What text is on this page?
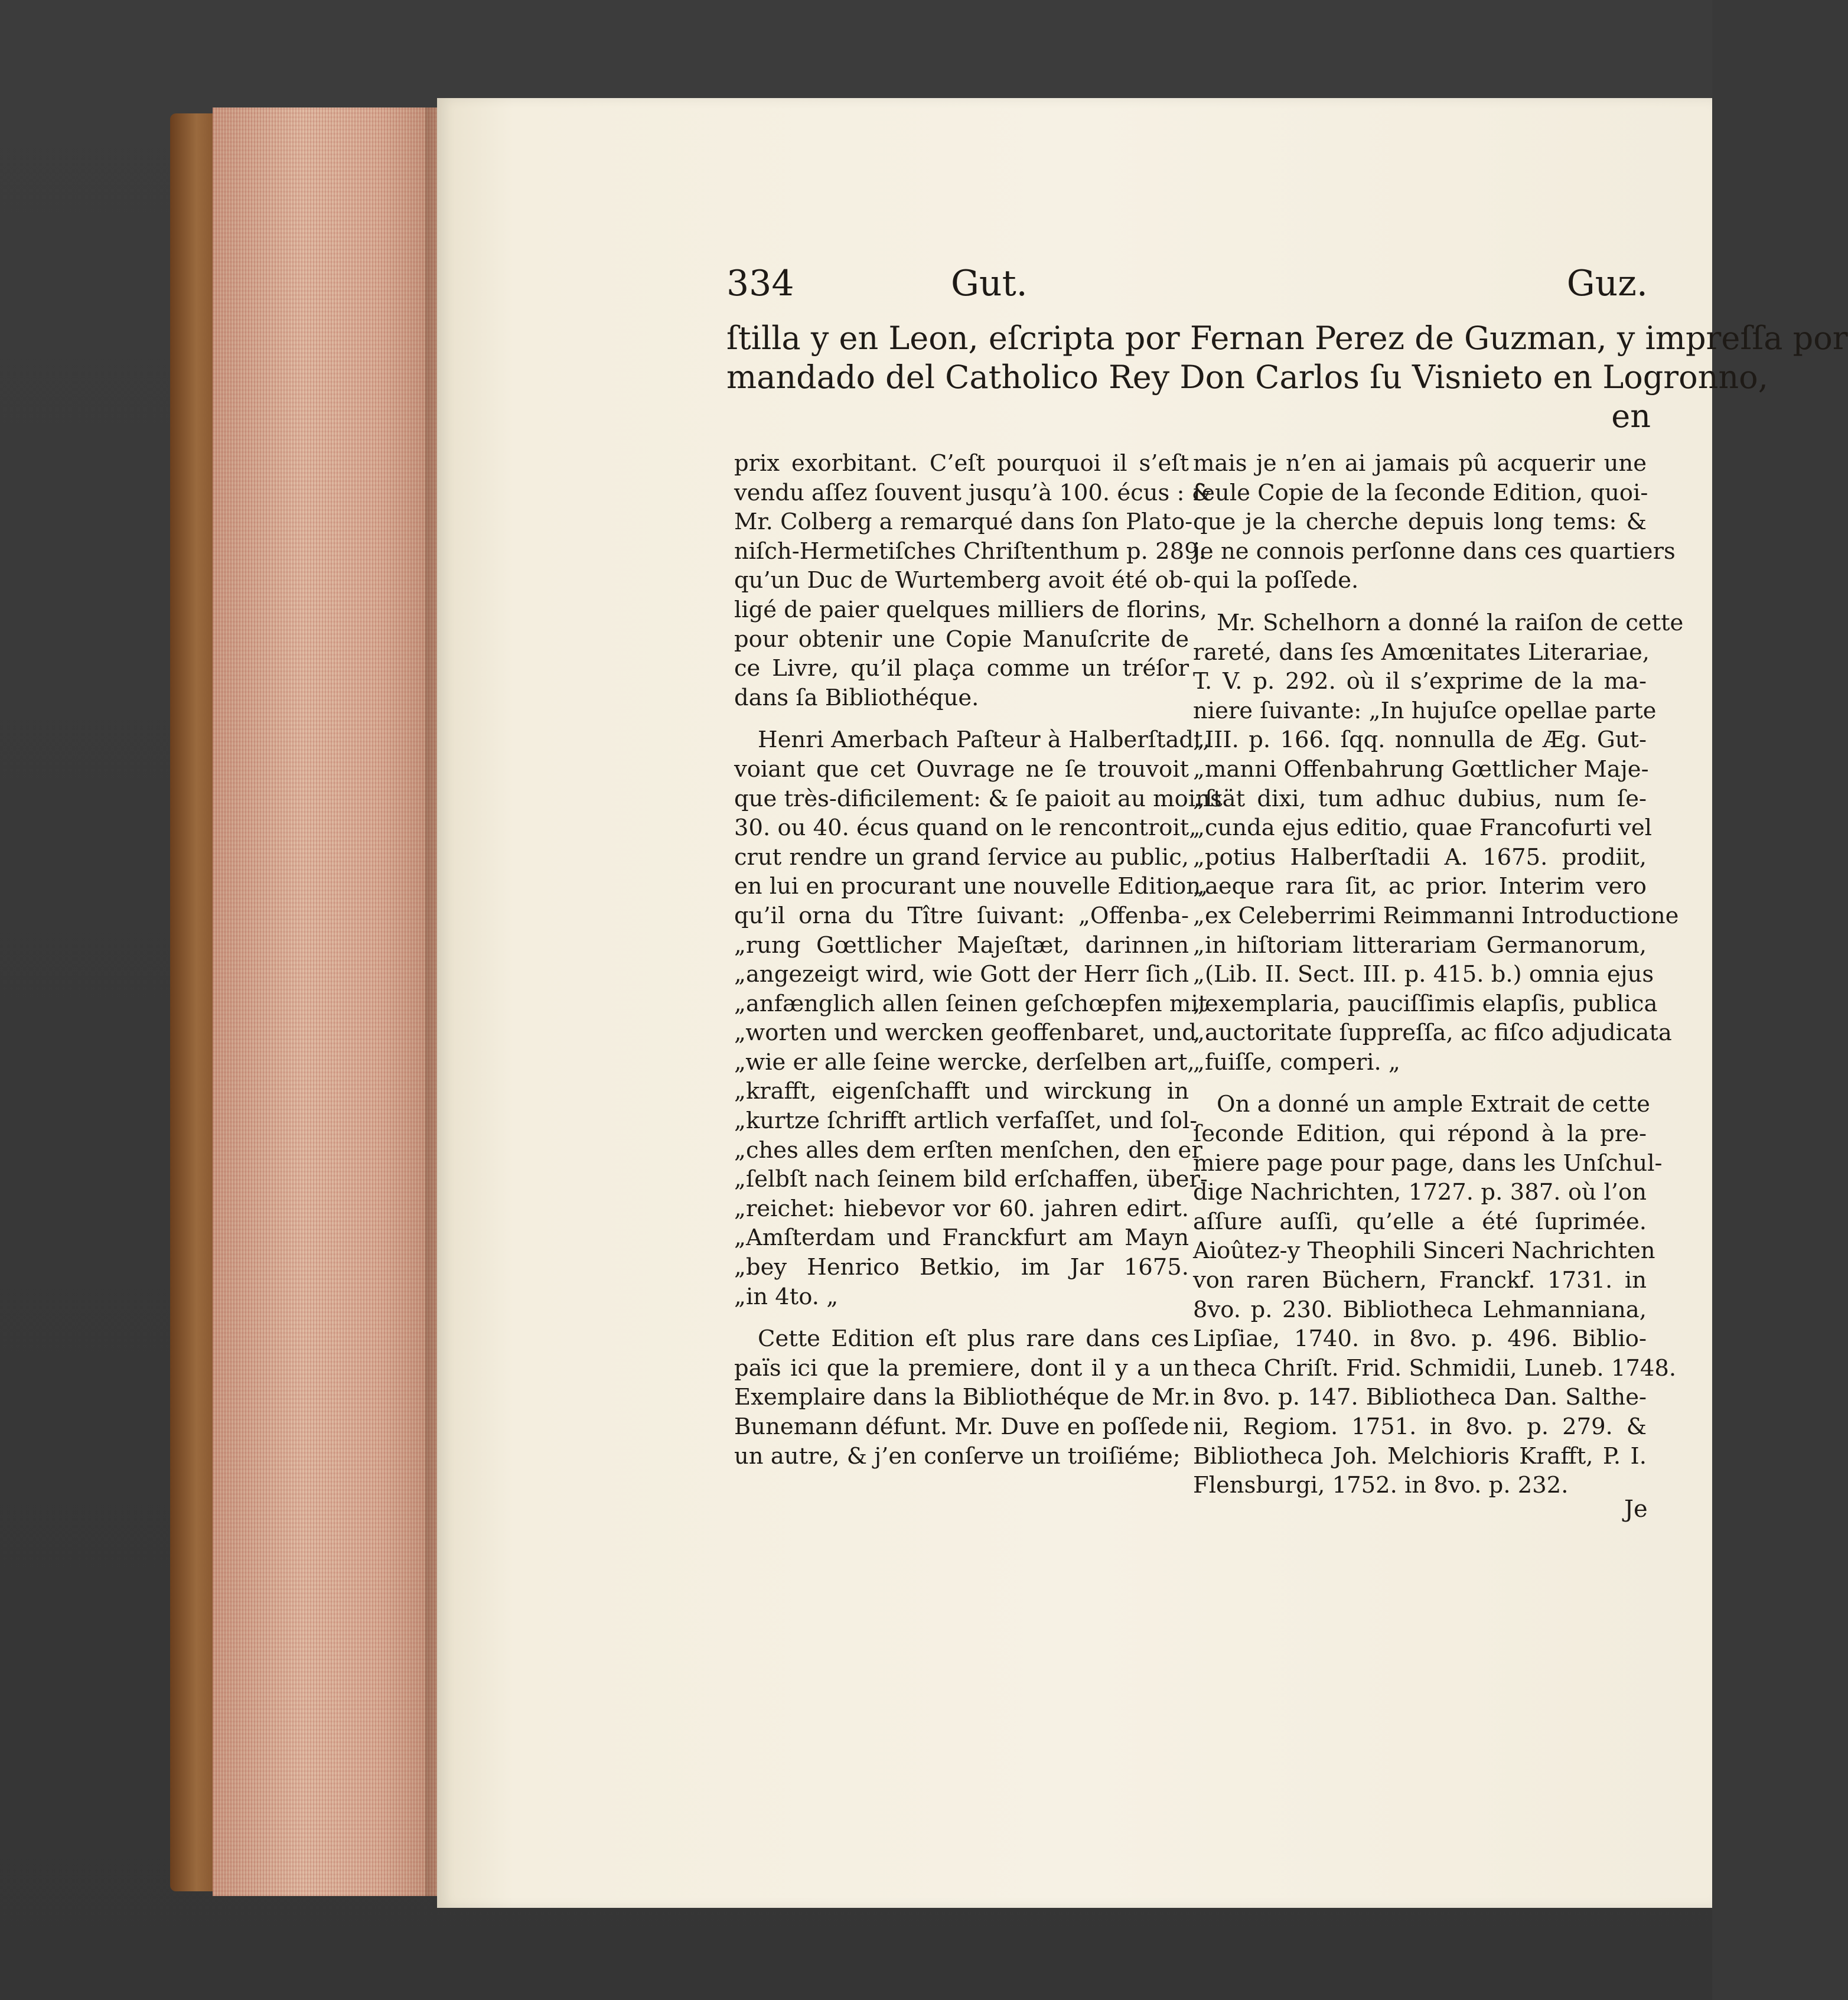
334	Gut.	Guz.
ſtilla y en Leon, eſcripta por Fernan Perez de Guzman, y impreſſa por
mandado del Catholico Rey Don Carlos ſu Visnieto en Logronno,
en
prix exorbitant. C’eſt pourquoi il s’eſt
vendu aſſez ſouvent jusqu’à 100. écus : &
Mr. Colberg a remarqué dans ſon Plato-
niſch-Hermetiſches Chriſtenthum p. 289.
qu’un Duc de Wurtemberg avoit été ob-
ligé de paier quelques milliers de florins,
pour obtenir une Copie Manuſcrite de
ce Livre, qu’il plaça comme un tréſor
dans ſa Bibliothéque.
Henri Amerbach Paſteur à Halberſtadt,
voiant que cet Ouvrage ne ſe trouvoit
que très-dificilement: & ſe paioit au moins
30. ou 40. écus quand on le rencontroit,
crut rendre un grand ſervice au public,
en lui en procurant une nouvelle Edition,
qu’il orna du Tître ſuivant: „Offenba-
„rung Gœttlicher Majeſtæt, darinnen
„angezeigt wird, wie Gott der Herr ſich
„anfænglich allen ſeinen geſchœpfen mit
„worten und wercken geoffenbaret, und
„wie er alle ſeine wercke, derſelben art,
„krafft, eigenſchafft und wirckung in
„kurtze ſchrifft artlich verfaſſet, und ſol-
„ches alles dem erſten menſchen, den er
„ſelbſt nach ſeinem bild erſchaffen, über-
„reichet: hiebevor vor 60. jahren edirt.
„Amſterdam und Franckfurt am Mayn
„bey Henrico Betkio, im Jar 1675.
„in 4to. „
Cette Edition eſt plus rare dans ces
païs ici que la premiere, dont il y a un
Exemplaire dans la Bibliothéque de Mr.
Bunemann défunt. Mr. Duve en poſſede
un autre, & j’en conſerve un troiſiéme;
mais je n’en ai jamais pû acquerir une
ſeule Copie de la ſeconde Edition, quoi-
que je la cherche depuis long tems: &
je ne connois perſonne dans ces quartiers
qui la poſſede.
Mr. Schelhorn a donné la raiſon de cette
rareté, dans ſes Amœnitates Literariae,
T. V. p. 292. où il s’exprime de la ma-
niere ſuivante: „In hujuſce opellae parte
„III. p. 166. ſqq. nonnulla de Æg. Gut-
„manni Offenbahrung Gœttlicher Maje-
„ſtät dixi, tum adhuc dubius, num ſe-
„cunda ejus editio, quae Francofurti vel
„potius Halberſtadii A. 1675. prodiit,
„aeque rara ſit, ac prior. Interim vero
„ex Celeberrimi Reimmanni Introductione
„in hiſtoriam litterariam Germanorum,
„(Lib. II. Sect. III. p. 415. b.) omnia ejus
„exemplaria, pauciſſimis elapſis, publica
„auctoritate ſuppreſſa, ac fiſco adjudicata
„fuiſſe, comperi. „
On a donné un ample Extrait de cette
ſeconde Edition, qui répond à la pre-
miere page pour page, dans les Unſchul-
dige Nachrichten, 1727. p. 387. où l’on
aſſure auſſi, qu’elle a été ſuprimée.
Aioûtez-y Theophili Sinceri Nachrichten
von raren Büchern, Franckf. 1731. in
8vo. p. 230. Bibliotheca Lehmanniana,
Lipſiae, 1740. in 8vo. p. 496. Biblio-
theca Chriſt. Frid. Schmidii, Luneb. 1748.
in 8vo. p. 147. Bibliotheca Dan. Salthe-
nii, Regiom. 1751. in 8vo. p. 279. &
Bibliotheca Joh. Melchioris Krafft, P. I.
Flensburgi, 1752. in 8vo. p. 232.
Je
